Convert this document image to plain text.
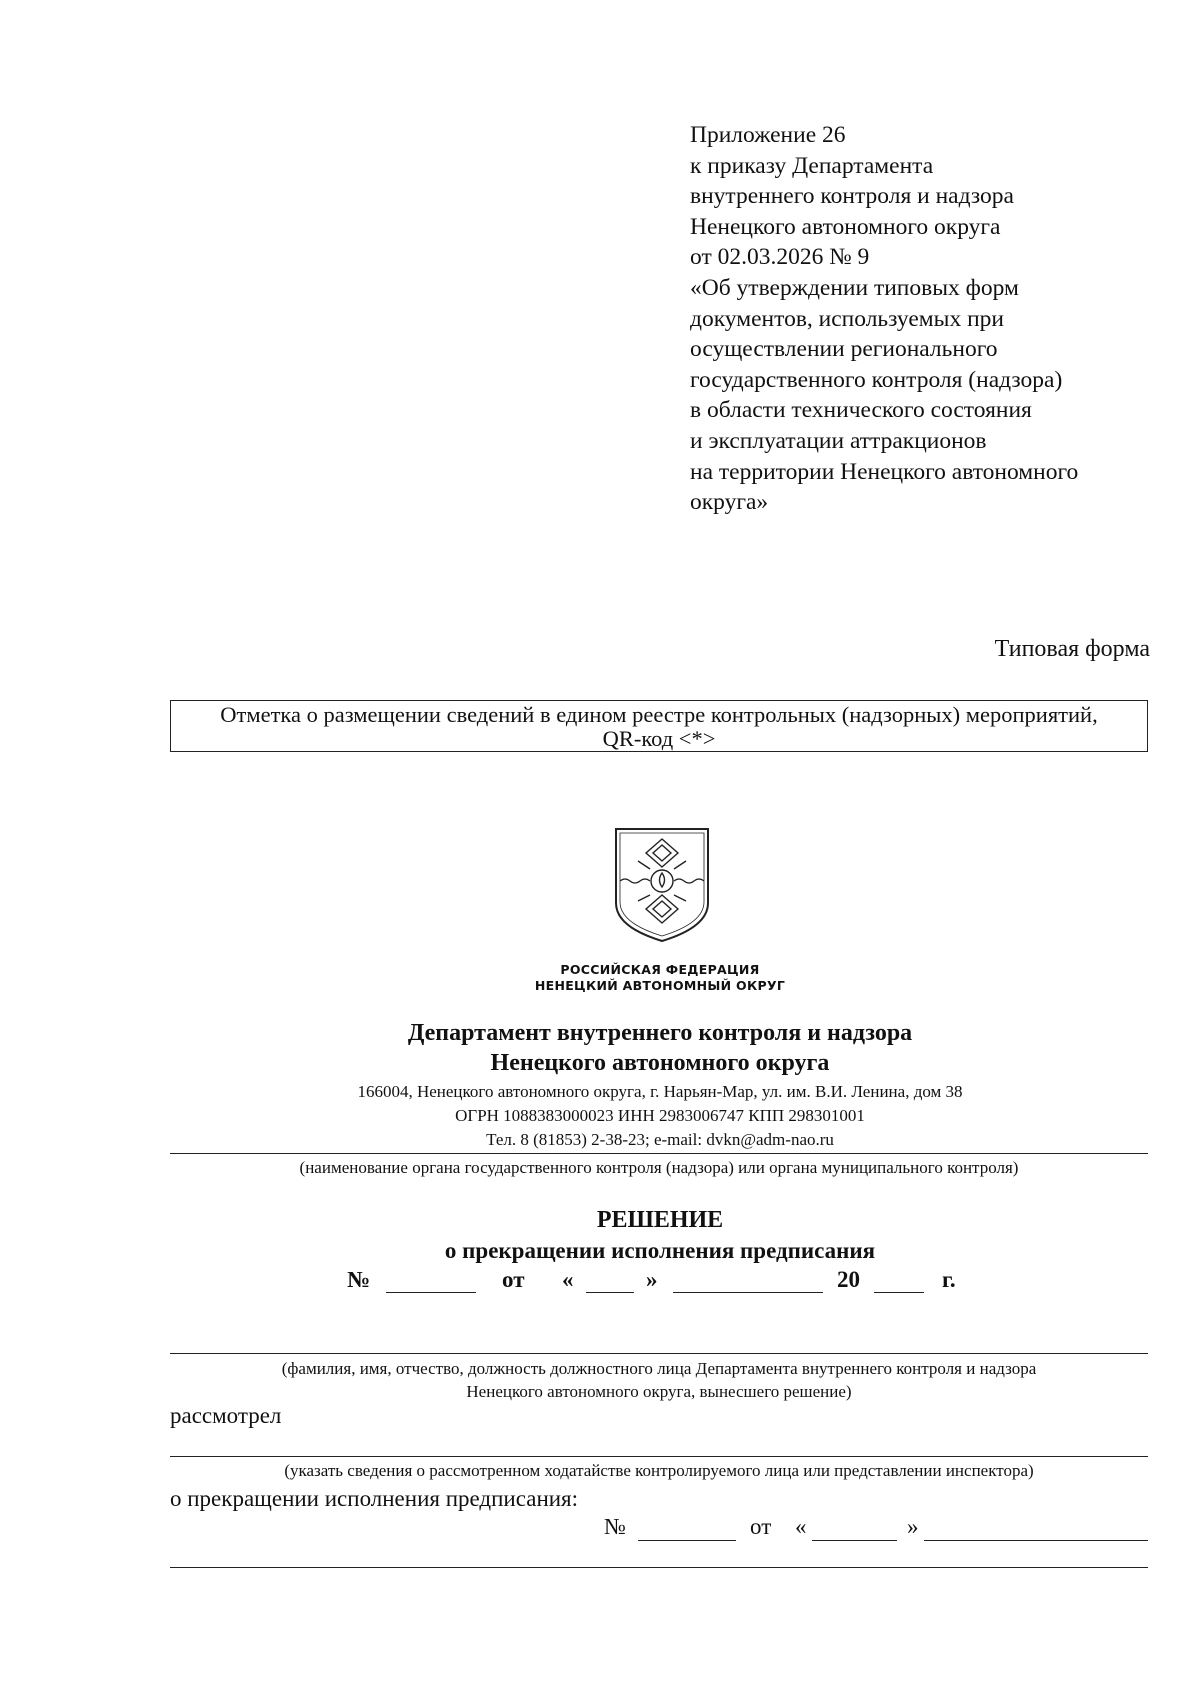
Приложение 26
к приказу Департамента
внутреннего контроля и надзора
Ненецкого автономного округа
от 02.03.2026 № 9
«Об утверждении типовых форм
документов, используемых при
осуществлении регионального
государственного контроля (надзора)
в области технического состояния
и эксплуатации аттракционов
на территории Ненецкого автономного
округа»
Типовая форма
Отметка о размещении сведений в едином реестре контрольных (надзорных) мероприятий,
QR-код <*>
РОССИЙСКАЯ ФЕДЕРАЦИЯ
НЕНЕЦКИЙ АВТОНОМНЫЙ ОКРУГ
Департамент внутреннего контроля и надзора
Ненецкого автономного округа
166004, Ненецкого автономного округа, г. Нарьян-Мар, ул. им. В.И. Ленина, дом 38
ОГРН 1088383000023 ИНН 2983006747 КПП 298301001
Тел. 8 (81853) 2-38-23; e-mail: dvkn@adm-nao.ru
(наименование органа государственного контроля (надзора) или органа муниципального контроля)
РЕШЕНИЕ
о прекращении исполнения предписания
№	от «	»	20	г.
(фамилия, имя, отчество, должность должностного лица Департамента внутреннего контроля и надзора
Ненецкого автономного округа, вынесшего решение)
рассмотрел
(указать сведения о рассмотренном ходатайстве контролируемого лица или представлении инспектора)
о прекращении исполнения предписания:
№	от «	»
